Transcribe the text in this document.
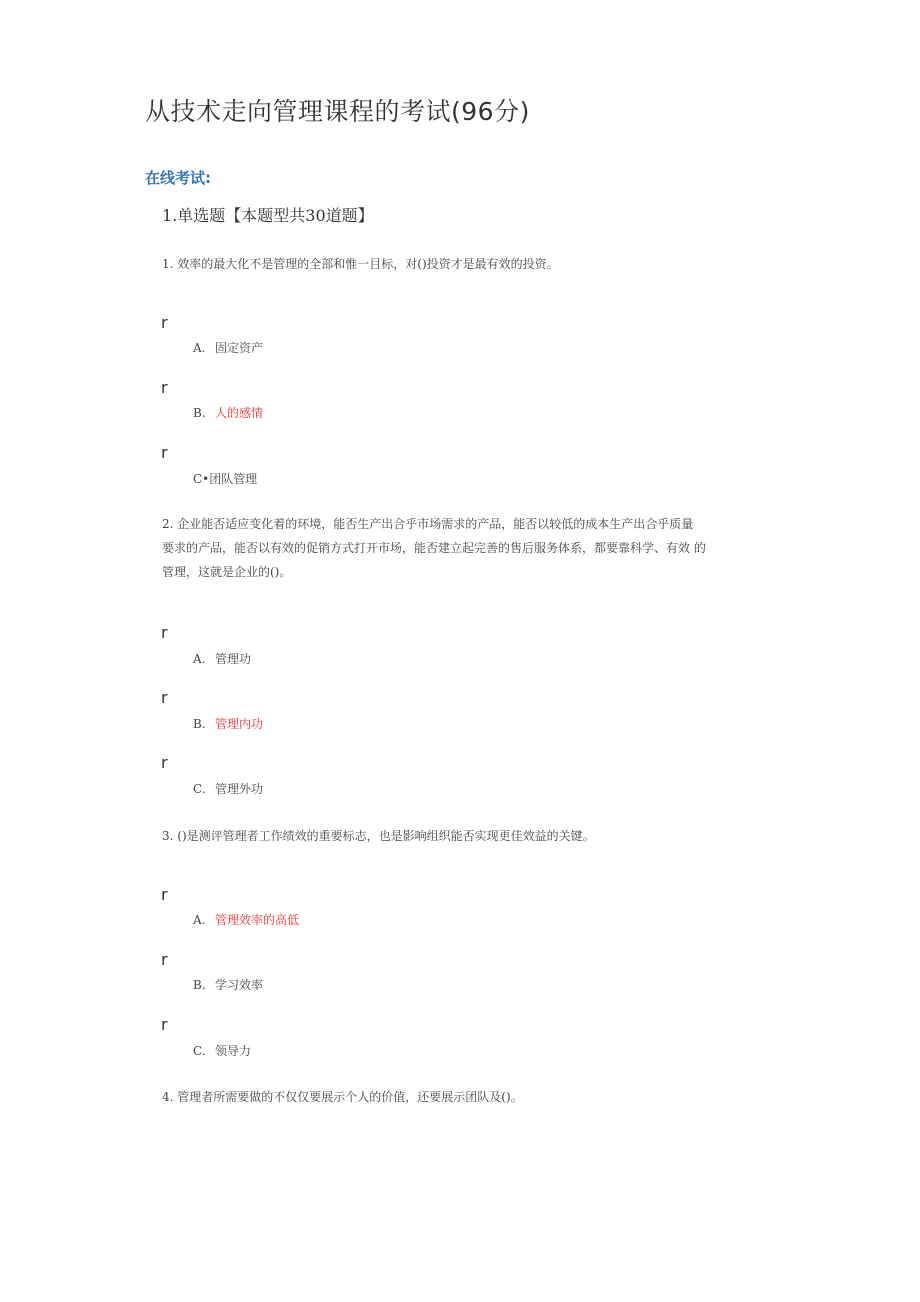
从技术走向管理课程的考试(96分)
在线考试:
1.单选题【本题型共30道题】
1. 效率的最大化不是管理的全部和惟一目标，对()投资才是最有效的投资。
r
A. 固定资产
r
B. 人的感情
r
C•团队管理
2. 企业能否适应变化着的环境，能否生产出合乎市场需求的产品，能否以较低的成本生产出合乎质量
要求的产品，能否以有效的促销方式打开市场，能否建立起完善的售后服务体系，都要靠科学、有效 的
管理，这就是企业的()。
r
A. 管理功
r
B. 管理内功
r
C. 管理外功
3. ()是测评管理者工作绩效的重要标志，也是影响组织能否实现更佳效益的关键。
r
A. 管理效率的高低
r
B. 学习效率
r
C. 领导力
4. 管理者所需要做的不仅仅要展示个人的价值，还要展示团队及()。
